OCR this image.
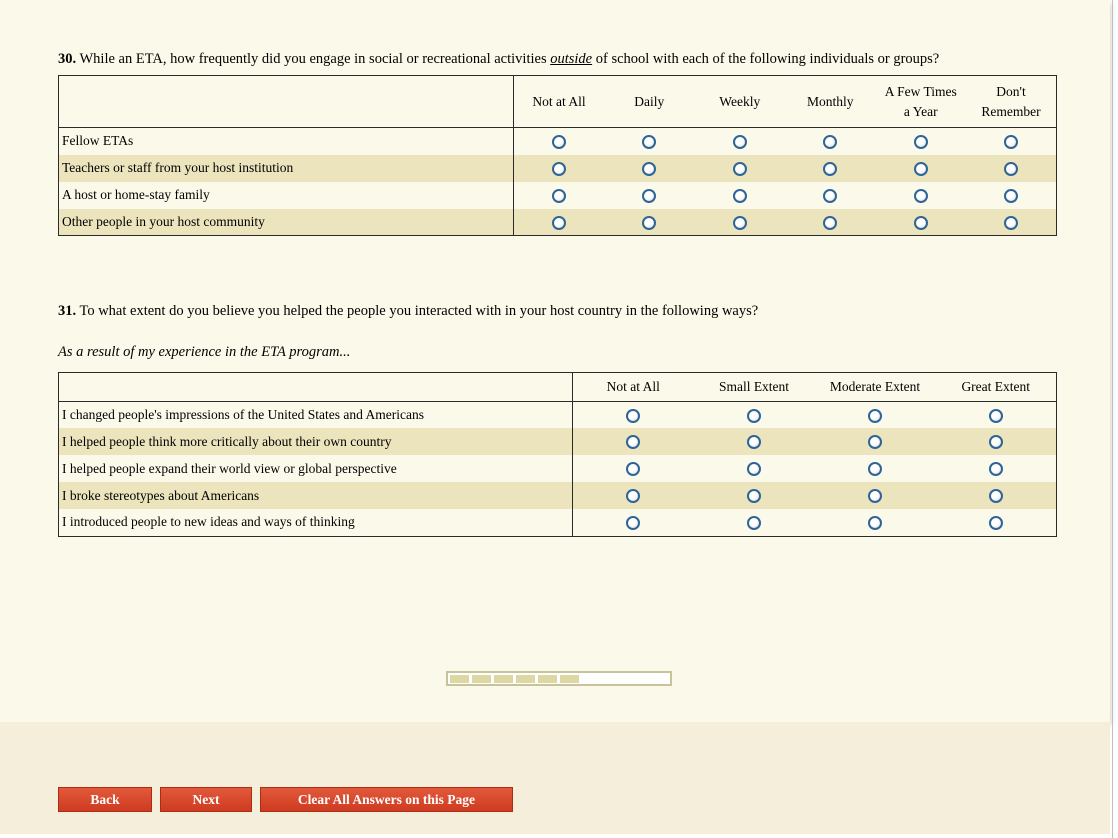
30. While an ETA, how frequently did you engage in social or recreational activities outside of school with each of the following individuals or groups?
	Not at All	Daily	Weekly	Monthly	A Few Times a Year	Don't Remember
Fellow ETAs						
Teachers or staff from your host institution						
A host or home-stay family						
Other people in your host community						
31. To what extent do you believe you helped the people you interacted with in your host country in the following ways?
As a result of my experience in the ETA program...
	Not at All	Small Extent	Moderate Extent	Great Extent
I changed people's impressions of the United States and Americans				
I helped people think more critically about their own country				
I helped people expand their world view or global perspective				
I broke stereotypes about Americans				
I introduced people to new ideas and ways of thinking				
Back	Next	Clear All Answers on this Page
